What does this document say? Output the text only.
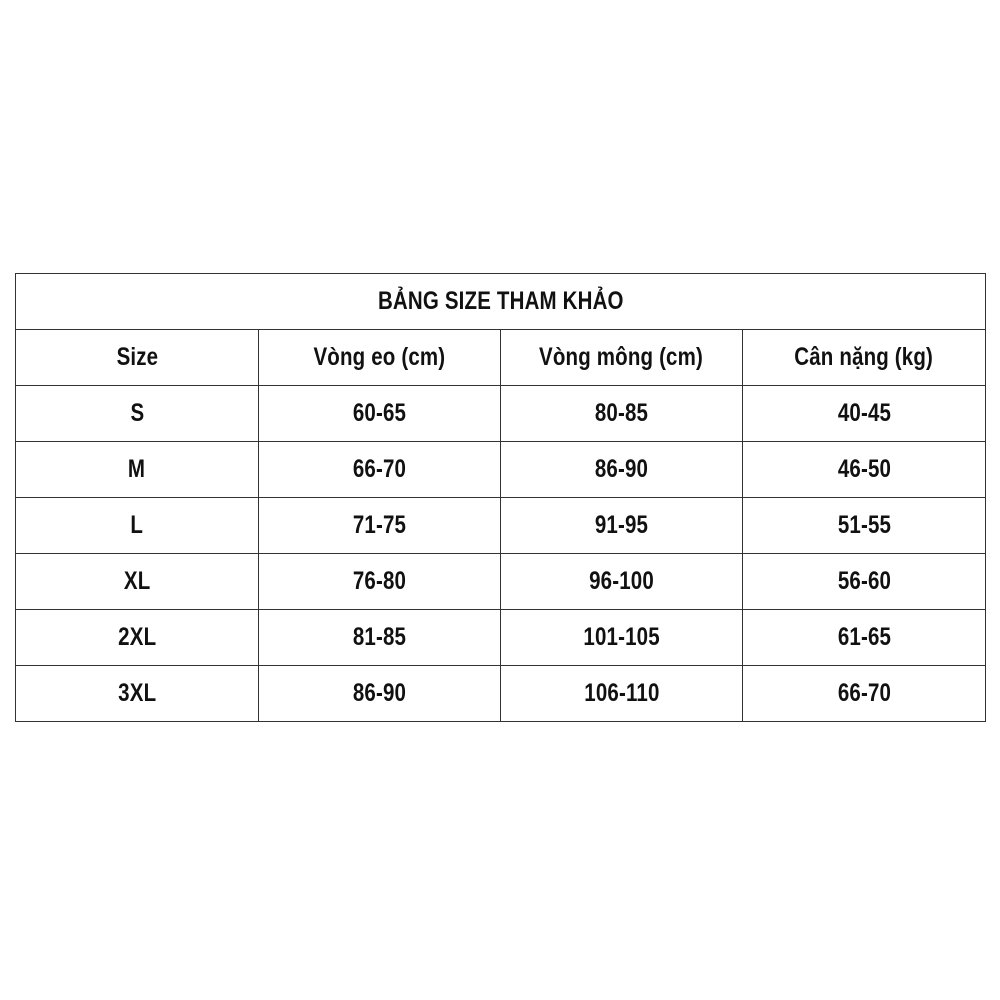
BẢNG SIZE THAM KHẢO			
Size	Vòng eo (cm)	Vòng mông (cm)	Cân nặng (kg)
S	60-65	80-85	40-45
M	66-70	86-90	46-50
L	71-75	91-95	51-55
XL	76-80	96-100	56-60
2XL	81-85	101-105	61-65
3XL	86-90	106-110	66-70
